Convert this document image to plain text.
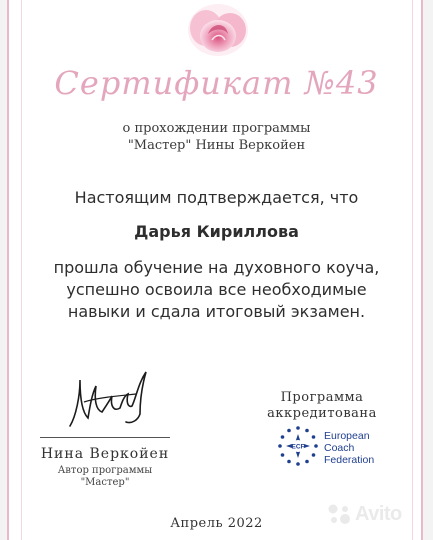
Сертификат №43
о прохождении программы
"Мастер" Нины Веркойен
Настоящим подтверждается, что
Дарья Кириллова
прошла обучение на духовного коуча,
успешно освоила все необходимые
навыки и сдала итоговый экзамен.
Нина Веркойен
Автор программы
"Мастер"
Программа
аккредитована
ECF
European
Coach
Federation
Апрель 2022	Avito
